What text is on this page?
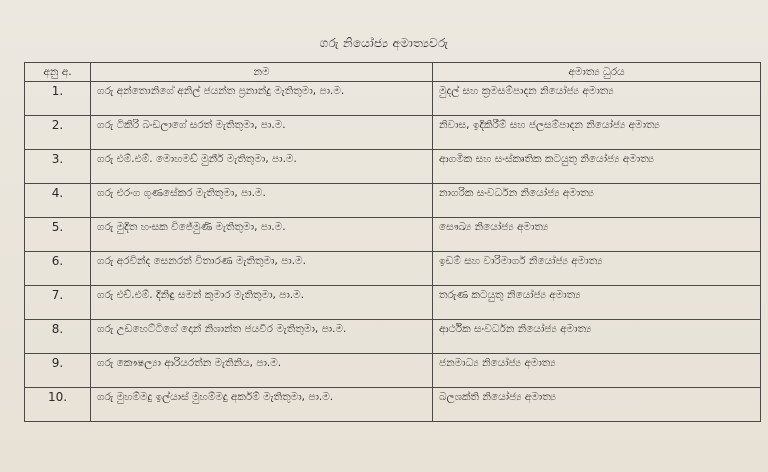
ගරු නියෝජ්‍ය අමාත්‍යවරු
අනු අ.	නම	අමාත්‍ය ධුරය
1.	ගරු අන්තොනිගේ අනිල් ජයන්ත ප්‍රනාන්දු මැතිතුමා, පා.ම.	මුදල් සහ ක්‍රමසම්පාදන නියෝජ්‍ය අමාත්‍ය
2.	ගරු ටිකිරි බංඩලාගේ සරත් මැතිතුමා, පා.ම.	නිවාස, ඉදිකිරීම් සහ ජලසම්පාදන නියෝජ්‍ය අමාත්‍ය
3.	ගරු එම්.එම්. මොහමඩ් මුනීර් මැතිතුමා, පා.ම.	ආගමික සහ සංස්කෘතික කටයුතු නියෝජ්‍ය අමාත්‍ය
4.	ගරු එරංග ගුණසේකර මැතිතුමා, පා.ම.	නාගරික සංවර්ධන නියෝජ්‍ය අමාත්‍ය
5.	ගරු මුදිත හංසක විජේමුණි මැතිතුමා, පා.ම.	සෞඛ්‍ය නියෝජ්‍ය අමාත්‍ය
6.	ගරු අරවින්ද සෙනරත් විතාරණ මැතිතුමා, පා.ම.	ඉඩම් සහ වාරිමාර්ග නියෝජ්‍ය අමාත්‍ය
7.	ගරු එච්.එම්. දිනිඳු සමන් කුමාර මැතිතුමා, පා.ම.	තරුණ කටයුතු නියෝජ්‍ය අමාත්‍ය
8.	ගරු උඩහෙට්ටිගේ දොන් නිශාන්ත ජයවීර මැතිතුමා, පා.ම.	ආර්ථික සංවර්ධන නියෝජ්‍ය අමාත්‍ය
9.	ගරු කෞෂල්‍යා ආරියරත්න මැතිනිය, පා.ම.	ජනමාධ්‍ය නියෝජ්‍ය අමාත්‍ය
10.	ගරු මුහම්මදු ඉල්යාස් මුහම්මදු අර්කම් මැතිතුමා, පා.ම.	බලශක්ති නියෝජ්‍ය අමාත්‍ය
